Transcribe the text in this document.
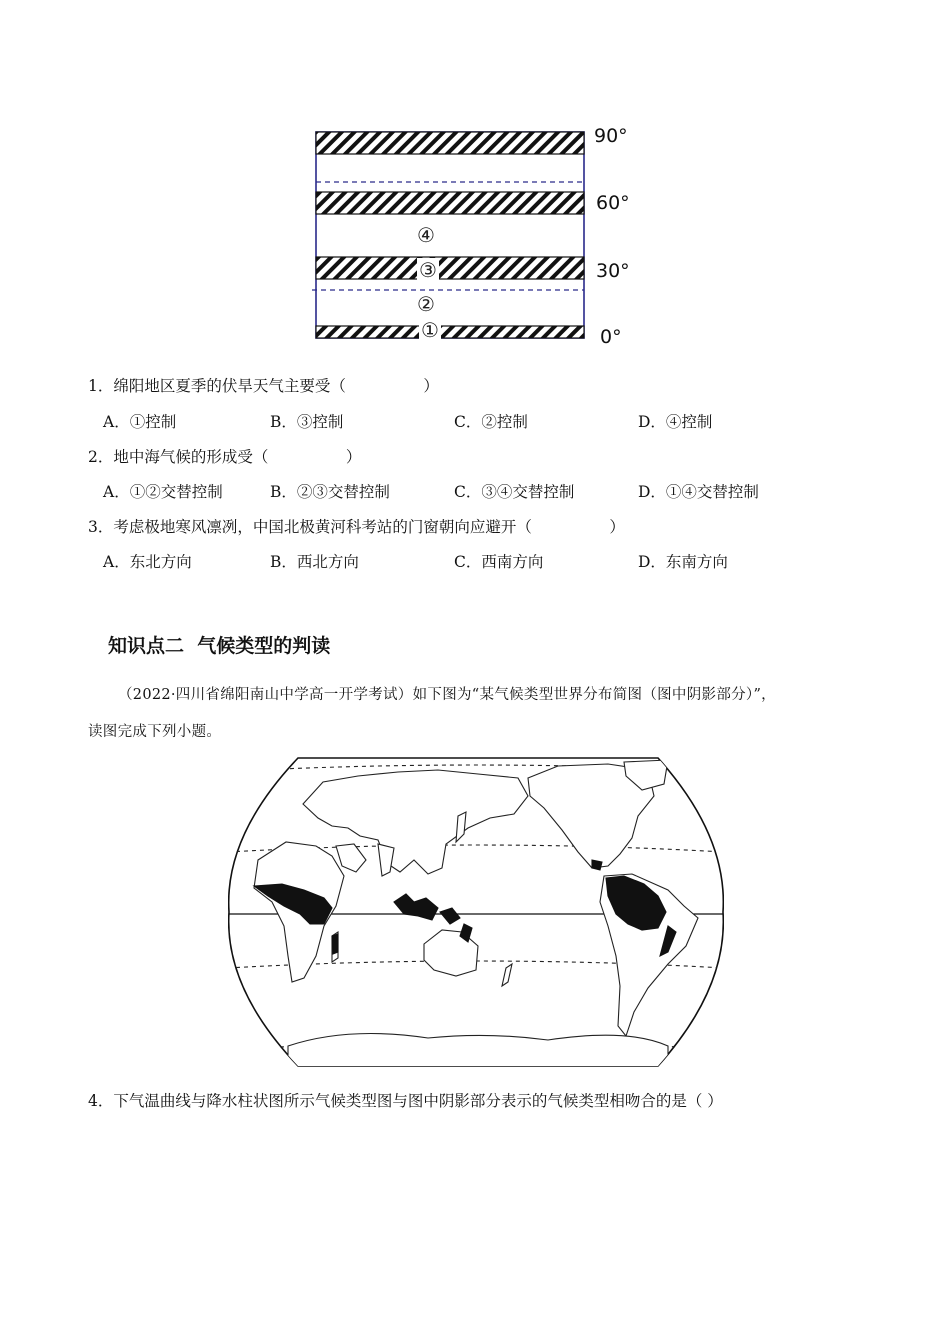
④
③
②
①
90°
60°
30°
0°
1．绵阳地区夏季的伏旱天气主要受（　　　　　）
A．①控制	B．③控制	C．②控制	D．④控制
2．地中海气候的形成受（　　　　　）
A．①②交替控制	B．②③交替控制	C．③④交替控制	D．①④交替控制
3．考虑极地寒风凛冽，中国北极黄河科考站的门窗朝向应避开（　　　　　）
A．东北方向	B．西北方向	C．西南方向	D．东南方向
知识点二  气候类型的判读
（2022·四川省绵阳南山中学高一开学考试）如下图为“某气候类型世界分布简图（图中阴影部分）”，
读图完成下列小题。
4．下气温曲线与降水柱状图所示气候类型图与图中阴影部分表示的气候类型相吻合的是（ ）
